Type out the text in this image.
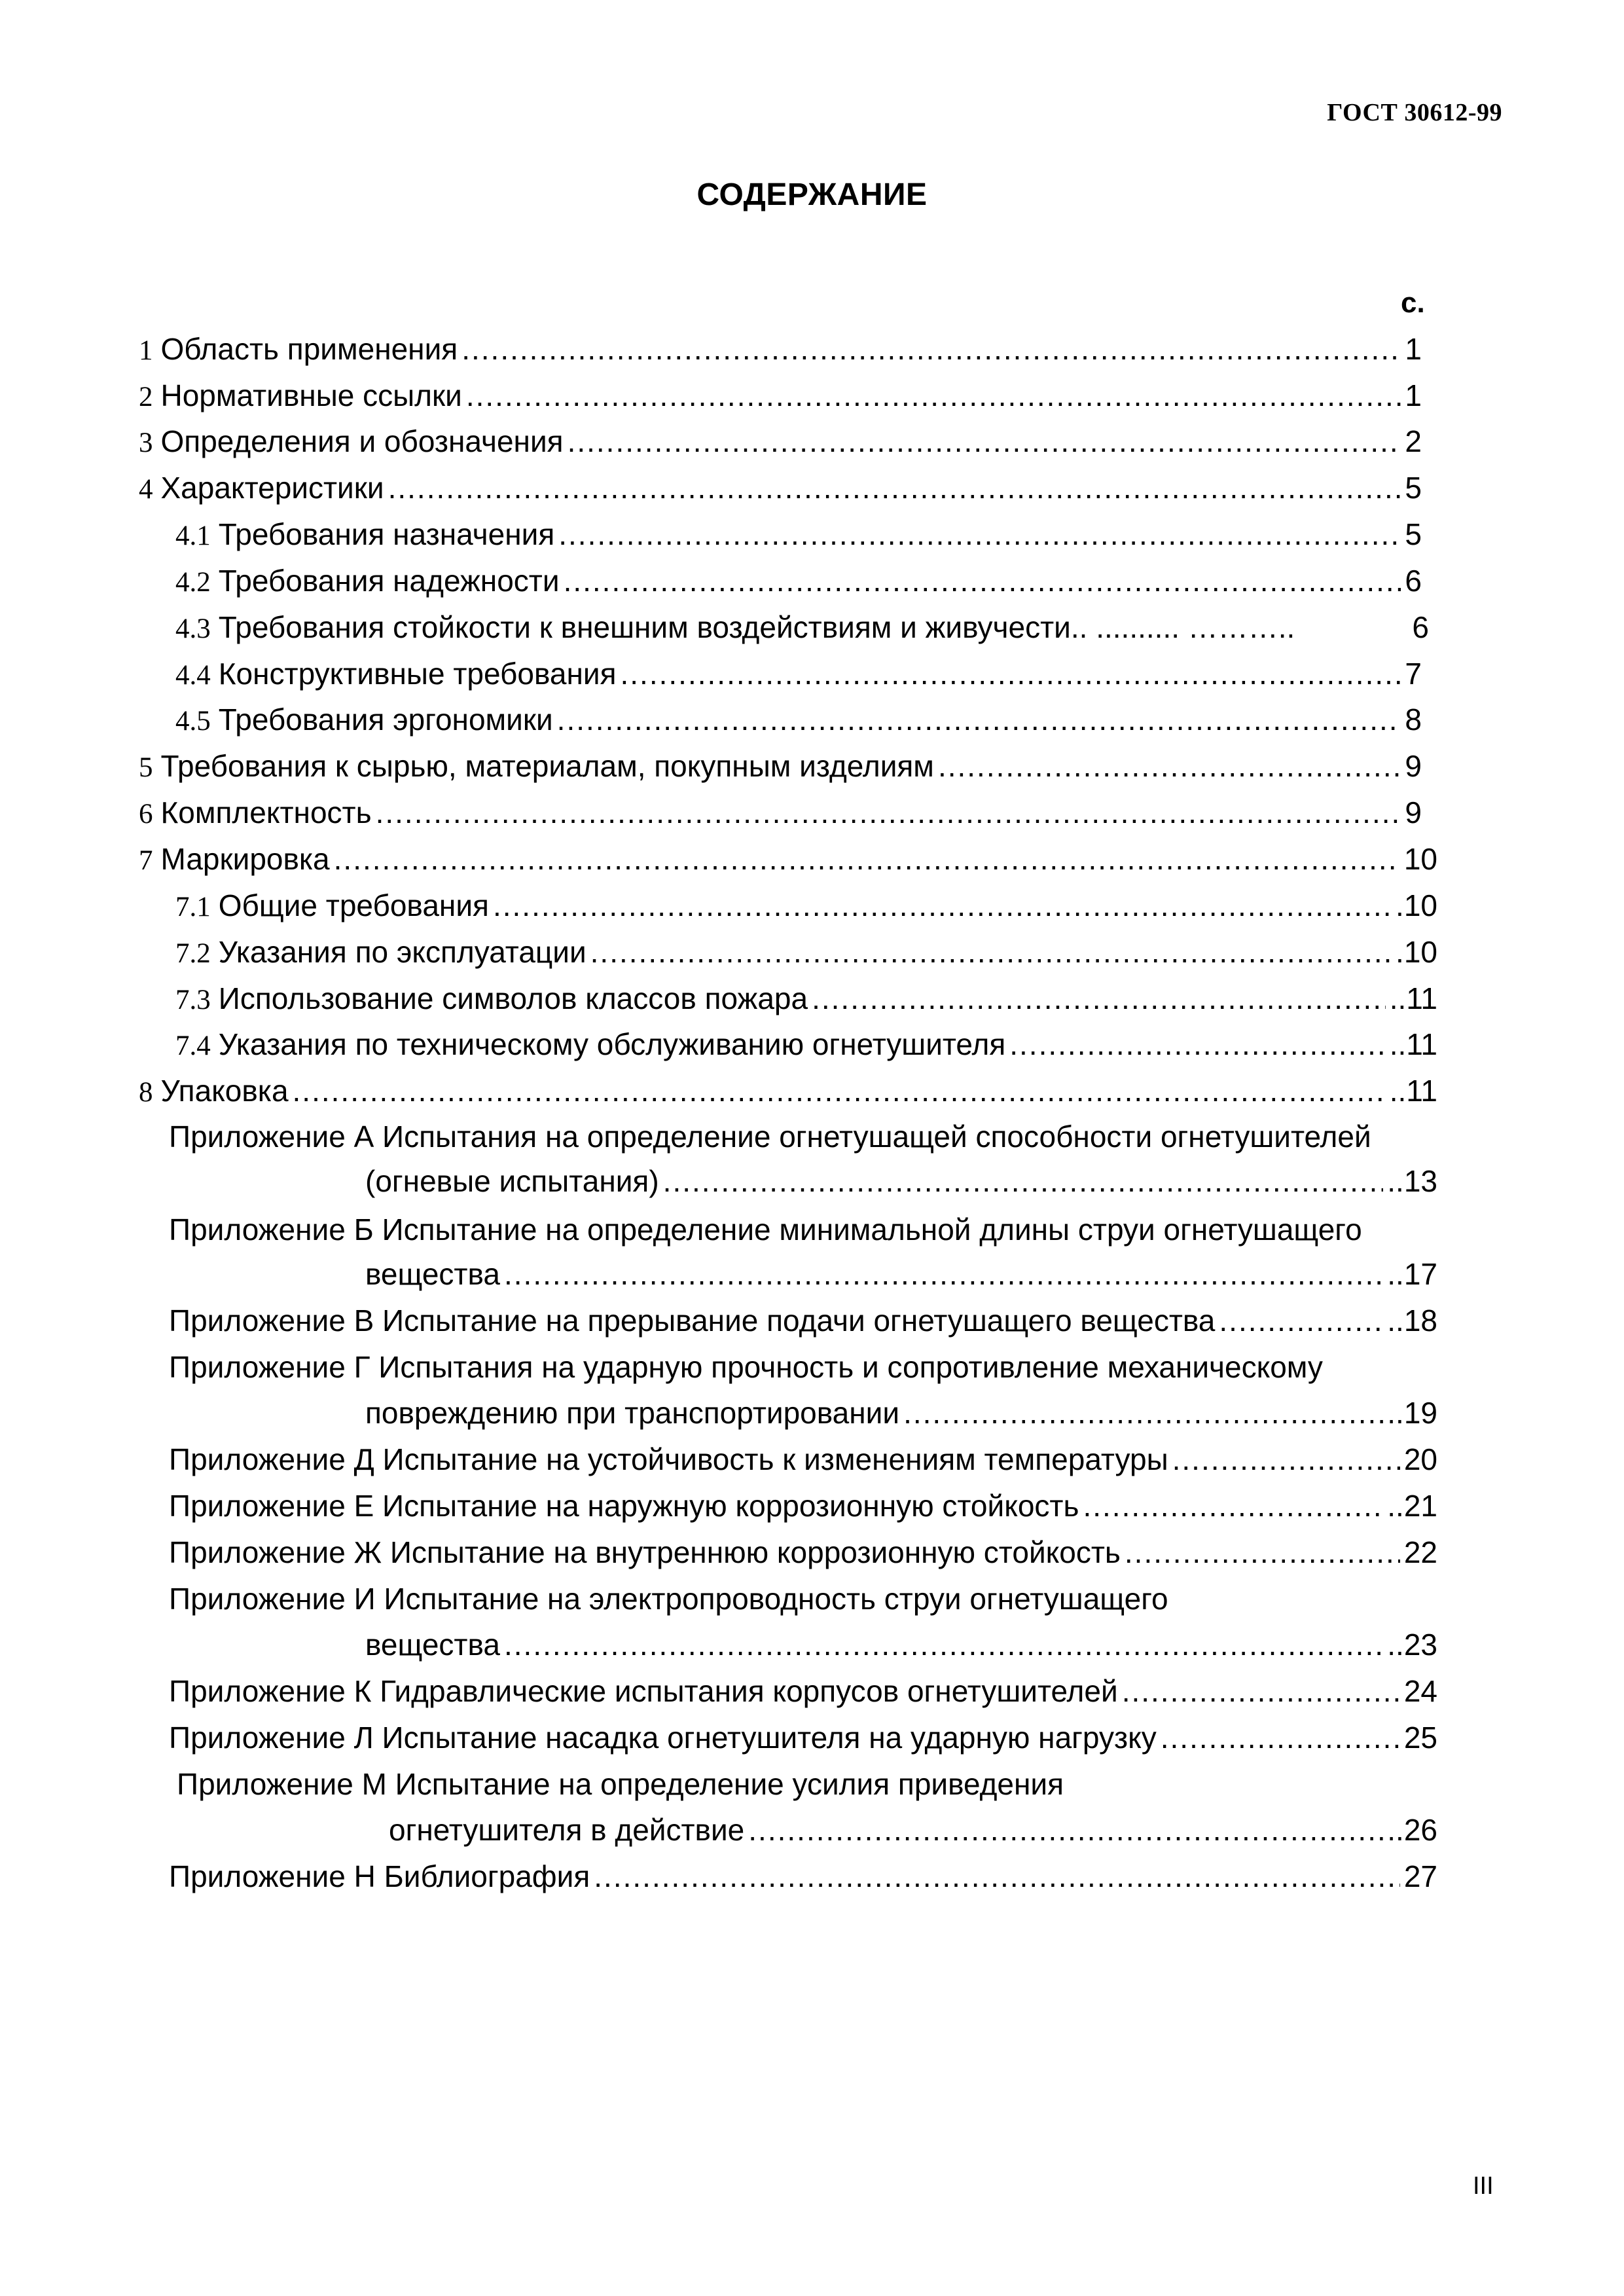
ГОСТ 30612-99
СОДЕРЖАНИЕ
с.
1 Область применения .....	1
2 Нормативные ссылки .....	1
3 Определения и обозначения .....	2
4 Характеристики .....	5
4.1 Требования назначения .....	5
4.2 Требования надежности .....	6
4.3 Требования стойкости к внешним воздействиям и живучести.. .......... ………..	6
4.4 Конструктивные требования .....	7
4.5 Требования эргономики .....	8
5 Требования к сырью, материалам, покупным изделиям .....	9
6 Комплектность .....	9
7 Маркировка .....	10
7.1 Общие требования .....	.10
7.2 Указания по эксплуатации .....	.10
7.3 Использование символов классов пожара .....	..11
7.4 Указания по техническому обслуживанию огнетушителя .....	..11
8 Упаковка .....	..11
Приложение А Испытания на определение огнетушащей способности огнетушителей
(огневые испытания) .....	..13
Приложение Б Испытание на определение минимальной длины струи огнетушащего
вещества .....	..17
Приложение В Испытание на прерывание подачи огнетушащего вещества .....	..18
Приложение Г Испытания на ударную прочность и сопротивление механическому
повреждению при транспортировании .....	..19
Приложение Д Испытание на устойчивость к изменениям температуры .....	20
Приложение Е Испытание на наружную коррозионную стойкость .....	..21
Приложение Ж Испытание на внутреннюю коррозионную стойкость .....	22
Приложение И Испытание на электропроводность струи огнетушащего
вещества .....	..23
Приложение К Гидравлические испытания корпусов огнетушителей .....	24
Приложение Л Испытание насадка огнетушителя на ударную нагрузку .....	25
Приложение М Испытание на определение усилия приведения
огнетушителя в действие .....	..26
Приложение Н Библиография .....	27
III
